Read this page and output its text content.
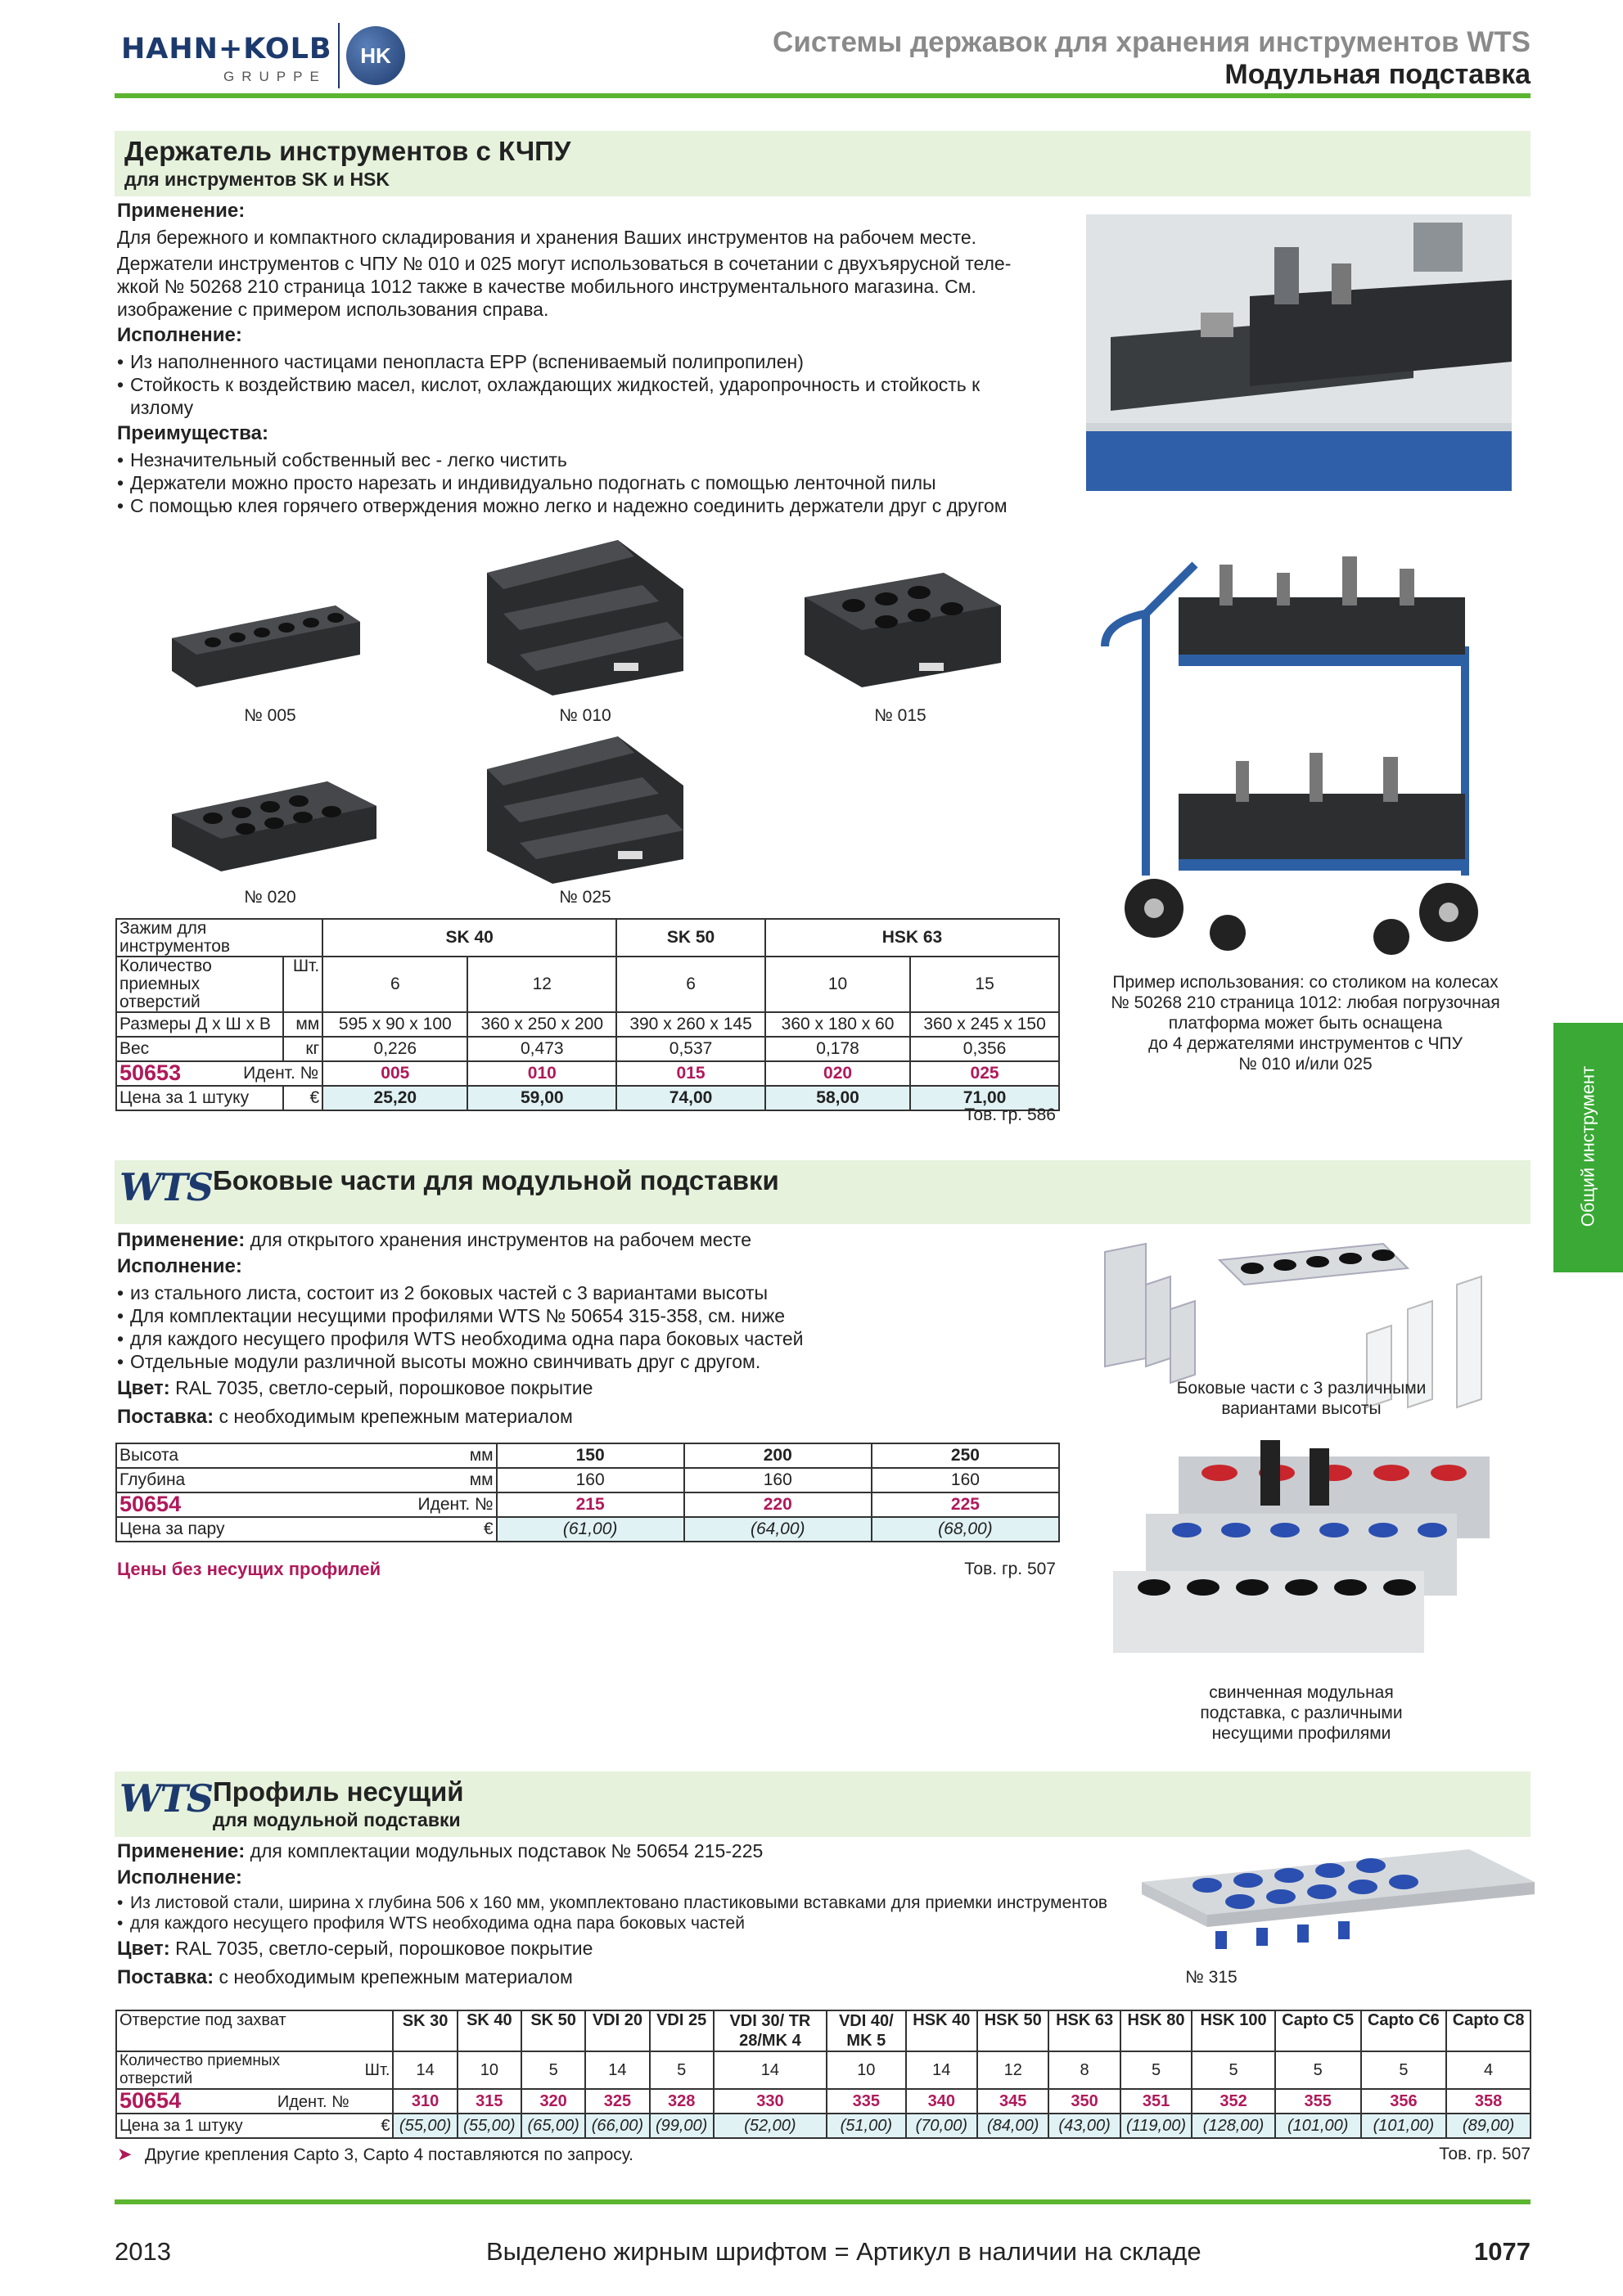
HAHN+KOLB
GRUPPE
HK	Системы державок для хранения инструментов WTS
Модульная подставка
Общий инструмент
Держатель инструментов с КЧПУ
для инструментов SK и HSK
Применение:
Для бережного и компактного складирования и хранения Ваших инструментов на рабочем месте.
Держатели инструментов с ЧПУ № 010 и 025 могут использоваться в сочетании с двухъярусной теле-
жкой № 50268 210 страница 1012 также в качестве мобильного инструментального магазина. См.
изображение с примером использования справа.
Исполнение:
• Из наполненного частицами пенопласта EPP (вспениваемый полипропилен)
• Стойкость к воздействию масел, кислот, охлаждающих жидкостей, ударопрочность и стойкость к излому
Преимущества:
• Незначительный собственный вес - легко чистить
• Держатели можно просто нарезать и индивидуально подогнать с помощью ленточной пилы
• С помощью клея горячего отверждения можно легко и надежно соединить держатели друг с другом
№ 005	№ 010	№ 015
№ 020	№ 025
Пример использования: со столиком на колесах
№ 50268 210 страница 1012: любая погрузочная
платформа может быть оснащена
до 4 держателями инструментов с ЧПУ
№ 010 и/или 025
Зажим для инструментов		SK 40		SK 50	HSK 63	
Количество приемных отверстий	Шт.	6	12	6	10	15
Размеры Д x Ш x В	мм	595 x 90 x 100	360 x 250 x 200	390 x 260 x 145	360 x 180 x 60	360 x 245 x 150
Вес	кг	0,226	0,473	0,537	0,178	0,356
50653 Идент. №		005	010	015	020	025
Цена за 1 штуку	€	25,20	59,00	74,00	58,00	71,00
Тов. гр. 586
WTS Боковые части для модульной подставки
Применение: для открытого хранения инструментов на рабочем месте
Исполнение:
• из стального листа, состоит из 2 боковых частей с 3 вариантами высоты
• Для комплектации несущими профилями WTS № 50654 315-358, см. ниже
• для каждого несущего профиля WTS необходима одна пара боковых частей
• Отдельные модули различной высоты можно свинчивать друг с другом.
Цвет: RAL 7035, светло-серый, порошковое покрытие
Поставка: с необходимым крепежным материалом
Боковые части с 3 различными
вариантами высоты
свинченная модульная
подставка, с различными
несущими профилями
Высота	мм	150	200	250
Глубина	мм	160	160	160
50654	Идент. №	215	220	225
Цена за пару	€	(61,00)	(64,00)	(68,00)
Цены без несущих профилей	Тов. гр. 507
WTS Профиль несущий
для модульной подставки
Применение: для комплектации модульных подставок № 50654 215-225
Исполнение:
• Из листовой стали, ширина x глубина 506 x 160 мм, укомплектовано пластиковыми вставками для приемки инструментов
• для каждого несущего профиля WTS необходима одна пара боковых частей
Цвет: RAL 7035, светло-серый, порошковое покрытие
Поставка: с необходимым крепежным материалом	№ 315
Отверстие под захват		SK 30	SK 40	SK 50	VDI 20	VDI 25	VDI 30/ TR 28/MK 4	VDI 40/ MK 5	HSK 40	HSK 50	HSK 63	HSK 80	HSK 100	Capto C5	Capto C6	Capto C8
Количество приемных отверстий	Шт.	14	10	5	14	5	14	10	14	12	8	5	5	5	5	4
50654 Идент. №		310	315	320	325	328	330	335	340	345	350	351	352	355	356	358
Цена за 1 штуку	€	(55,00)	(55,00)	(65,00)	(66,00)	(99,00)	(52,00)	(51,00)	(70,00)	(84,00)	(43,00)	(119,00)	(128,00)	(101,00)	(101,00)	(89,00)
➤ Другие крепления Capto 3, Capto 4 поставляются по запросу.	Тов. гр. 507
2013	Выделено жирным шрифтом = Артикул в наличии на складе	1077
